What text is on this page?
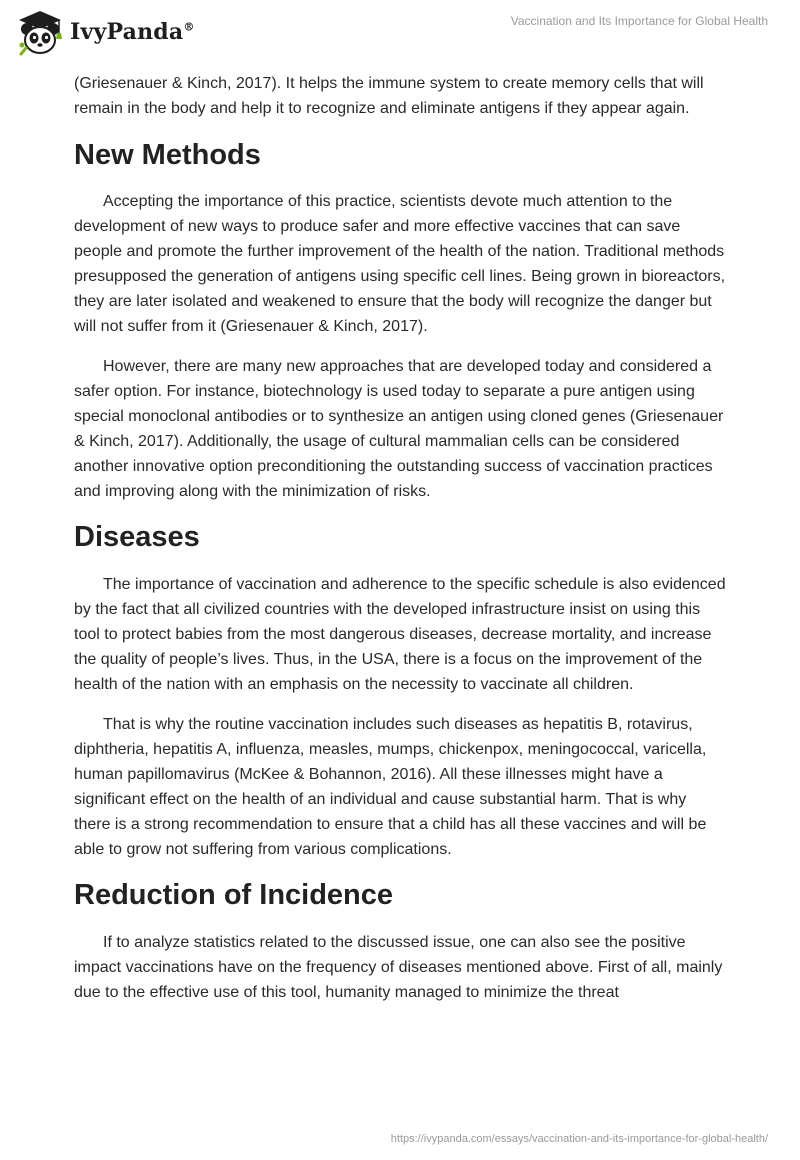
IvyPanda®	Vaccination and Its Importance for Global Health

(Griesenauer & Kinch, 2017). It helps the immune system to create memory cells that will remain in the body and help it to recognize and eliminate antigens if they appear again.

New Methods

Accepting the importance of this practice, scientists devote much attention to the development of new ways to produce safer and more effective vaccines that can save people and promote the further improvement of the health of the nation. Traditional methods presupposed the generation of antigens using specific cell lines. Being grown in bioreactors, they are later isolated and weakened to ensure that the body will recognize the danger but will not suffer from it (Griesenauer & Kinch, 2017).

However, there are many new approaches that are developed today and considered a safer option. For instance, biotechnology is used today to separate a pure antigen using special monoclonal antibodies or to synthesize an antigen using cloned genes (Griesenauer & Kinch, 2017). Additionally, the usage of cultural mammalian cells can be considered another innovative option preconditioning the outstanding success of vaccination practices and improving along with the minimization of risks.

Diseases

The importance of vaccination and adherence to the specific schedule is also evidenced by the fact that all civilized countries with the developed infrastructure insist on using this tool to protect babies from the most dangerous diseases, decrease mortality, and increase the quality of people’s lives. Thus, in the USA, there is a focus on the improvement of the health of the nation with an emphasis on the necessity to vaccinate all children.

That is why the routine vaccination includes such diseases as hepatitis B, rotavirus, diphtheria, hepatitis A, influenza, measles, mumps, chickenpox, meningococcal, varicella, human papillomavirus (McKee & Bohannon, 2016). All these illnesses might have a significant effect on the health of an individual and cause substantial harm. That is why there is a strong recommendation to ensure that a child has all these vaccines and will be able to grow not suffering from various complications.

Reduction of Incidence

If to analyze statistics related to the discussed issue, one can also see the positive impact vaccinations have on the frequency of diseases mentioned above. First of all, mainly due to the effective use of this tool, humanity managed to minimize the threat

https://ivypanda.com/essays/vaccination-and-its-importance-for-global-health/
